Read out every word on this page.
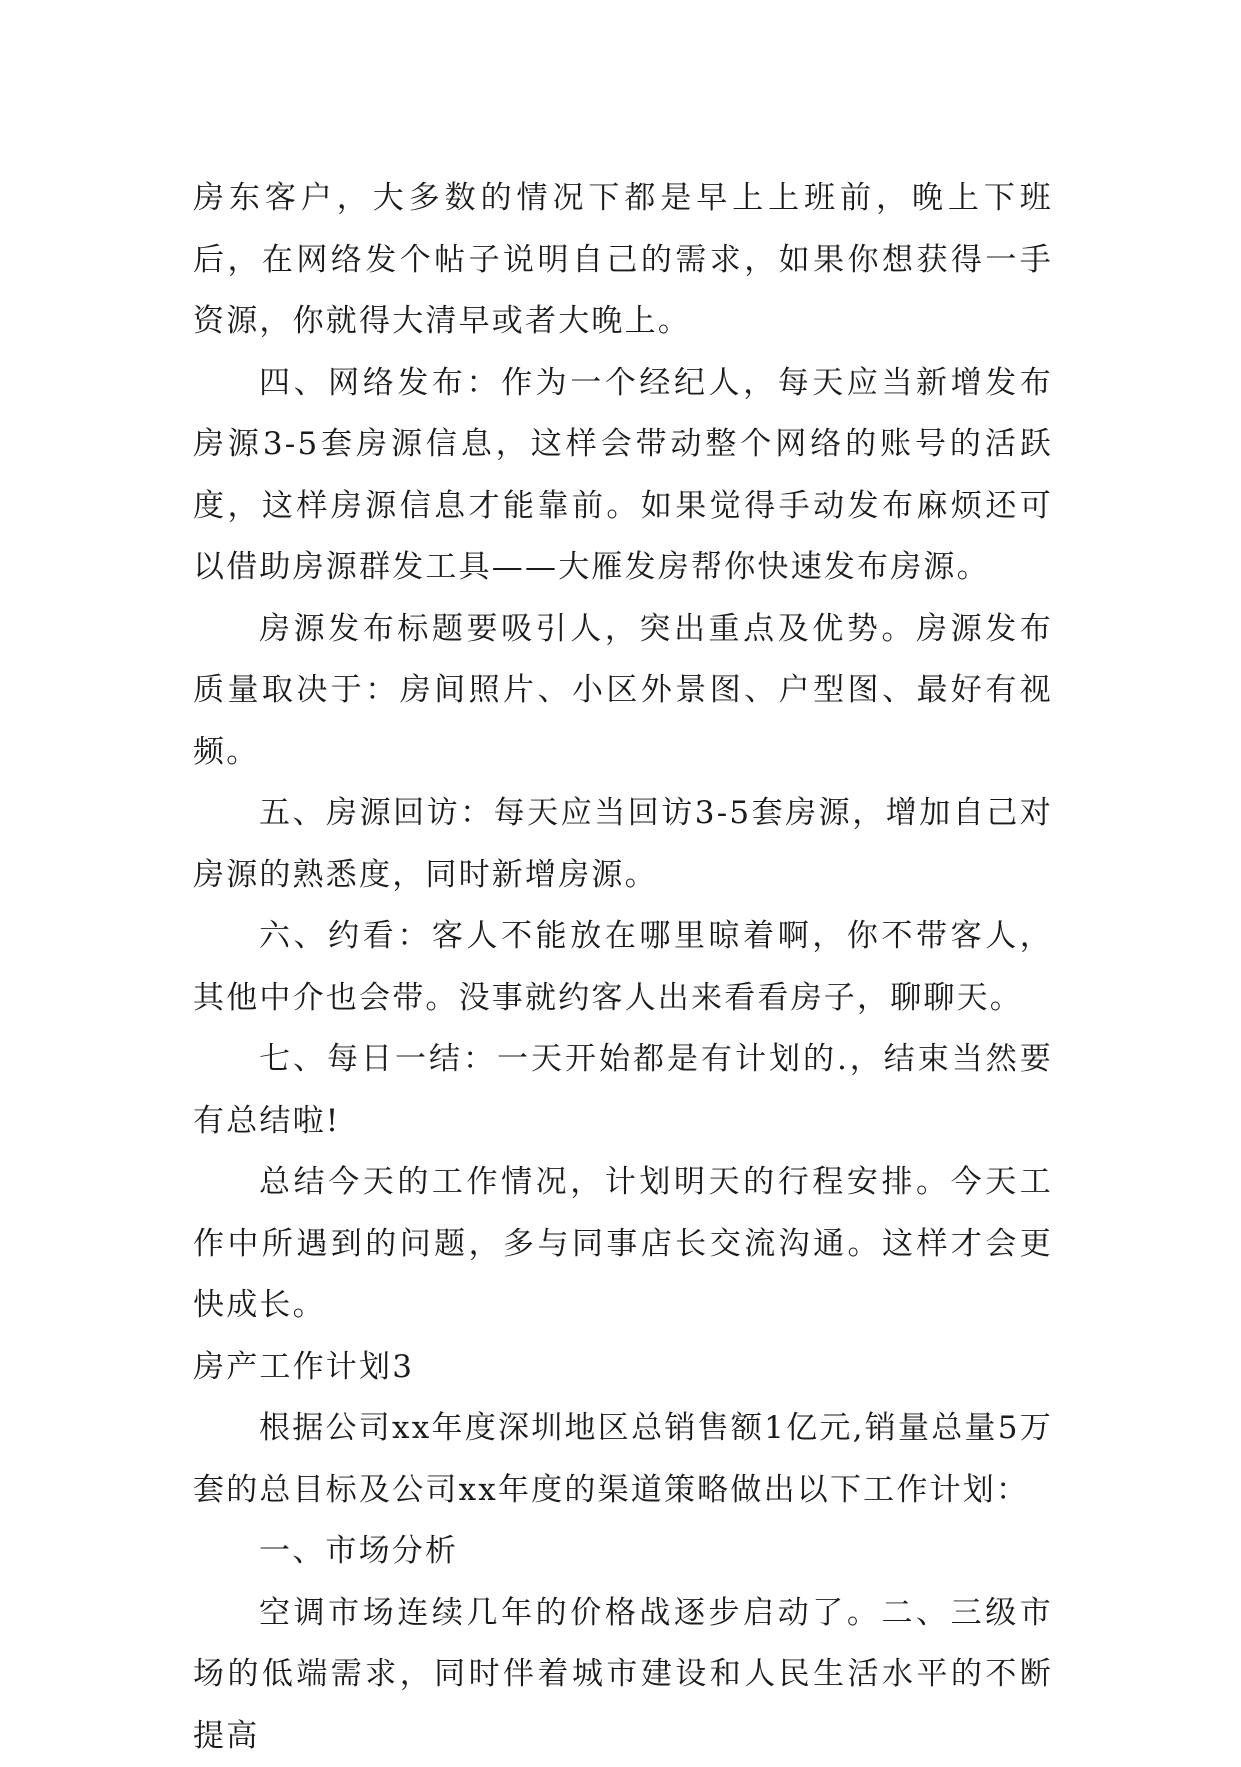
房东客户，大多数的情况下都是早上上班前，晚上下班后，在网络发个帖子说明自己的需求，如果你想获得一手资源，你就得大清早或者大晚上。

四、网络发布：作为一个经纪人，每天应当新增发布房源3-5套房源信息，这样会带动整个网络的账号的活跃度，这样房源信息才能靠前。如果觉得手动发布麻烦还可以借助房源群发工具——大雁发房帮你快速发布房源。

房源发布标题要吸引人，突出重点及优势。房源发布质量取决于：房间照片、小区外景图、户型图、最好有视频。

五、房源回访：每天应当回访3-5套房源，增加自己对房源的熟悉度，同时新增房源。

六、约看：客人不能放在哪里晾着啊，你不带客人，其他中介也会带。没事就约客人出来看看房子，聊聊天。

七、每日一结：一天开始都是有计划的.，结束当然要有总结啦!

总结今天的工作情况，计划明天的行程安排。今天工作中所遇到的问题，多与同事店长交流沟通。这样才会更快成长。

房产工作计划3

根据公司xx年度深圳地区总销售额1亿元,销量总量5万套的总目标及公司xx年度的渠道策略做出以下工作计划：

一、市场分析

空调市场连续几年的价格战逐步启动了。二、三级市场的低端需求，同时伴着城市建设和人民生活水平的不断提高
